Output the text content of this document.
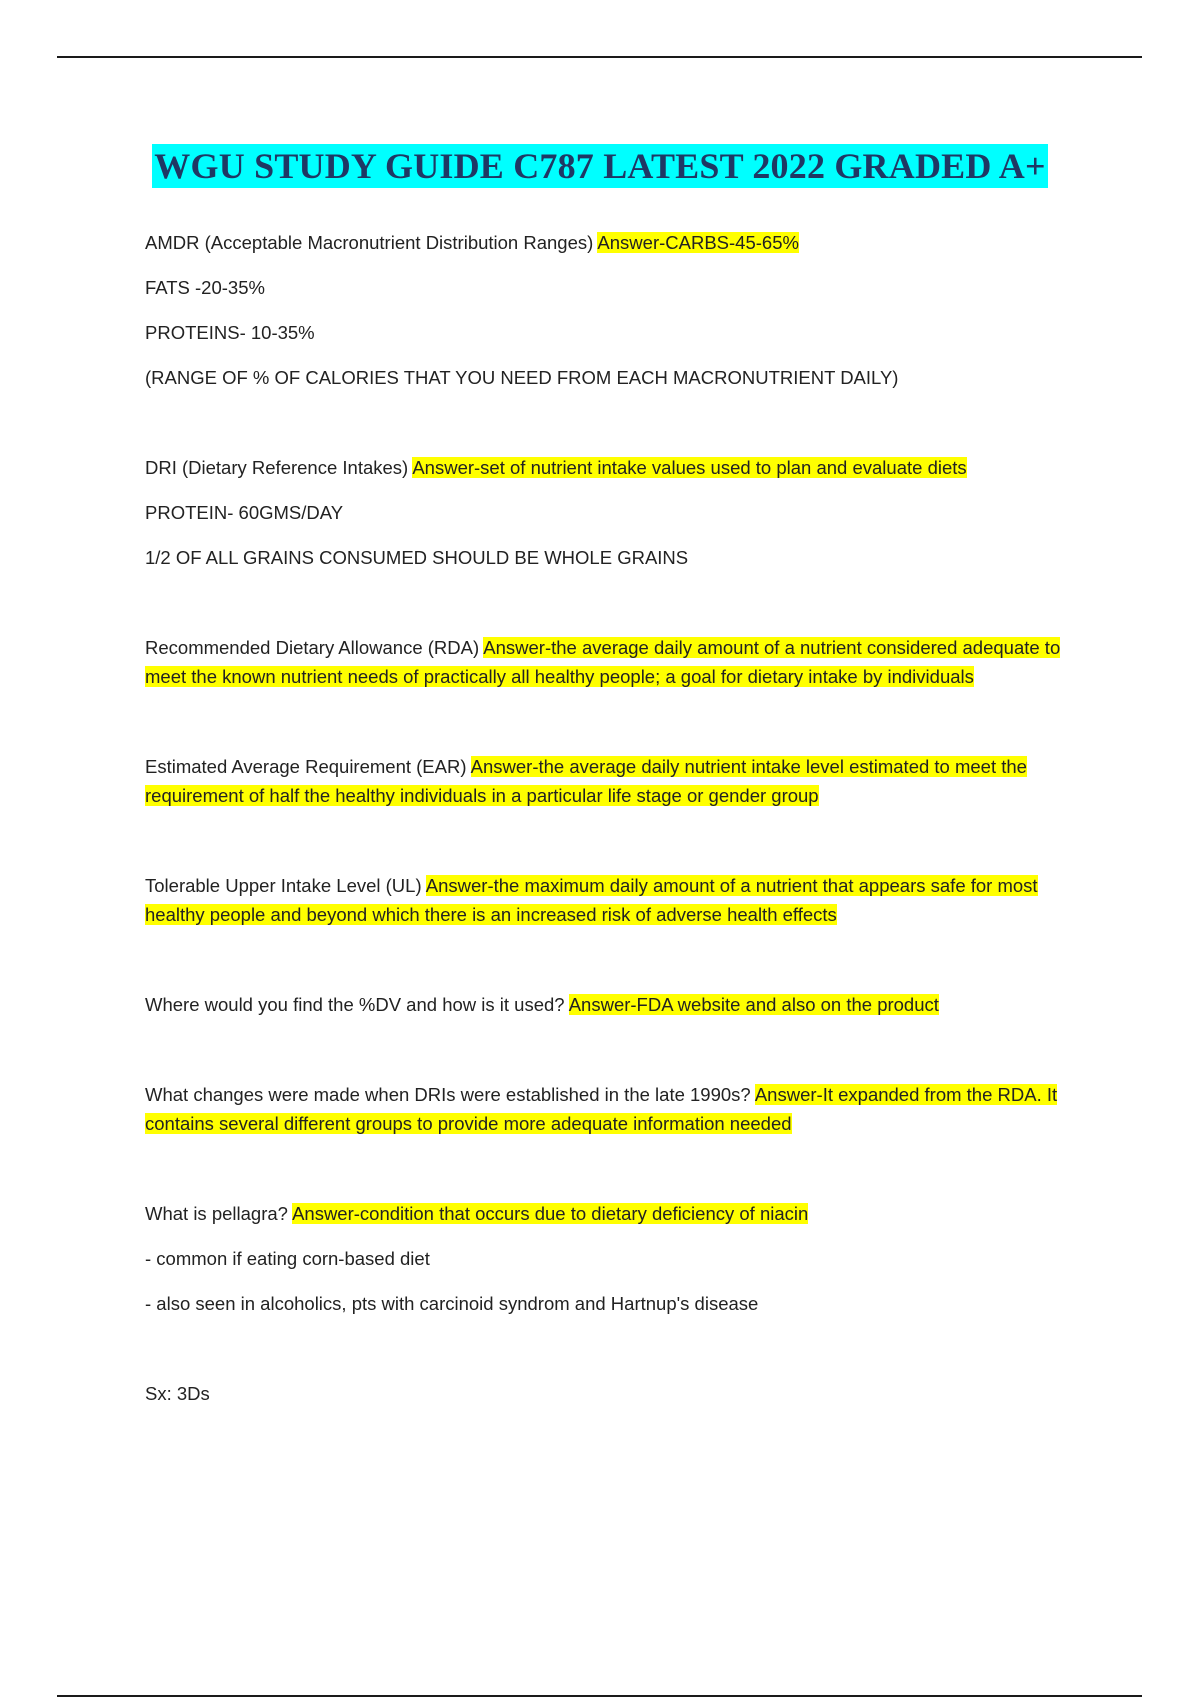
WGU STUDY GUIDE C787 LATEST 2022 GRADED A+

AMDR (Acceptable Macronutrient Distribution Ranges) Answer-CARBS-45-65%

FATS -20-35%

PROTEINS- 10-35%

(RANGE OF % OF CALORIES THAT YOU NEED FROM EACH MACRONUTRIENT DAILY)

DRI (Dietary Reference Intakes) Answer-set of nutrient intake values used to plan and evaluate diets

PROTEIN- 60GMS/DAY

1/2 OF ALL GRAINS CONSUMED SHOULD BE WHOLE GRAINS

Recommended Dietary Allowance (RDA) Answer-the average daily amount of a nutrient considered adequate to meet the known nutrient needs of practically all healthy people; a goal for dietary intake by individuals

Estimated Average Requirement (EAR) Answer-the average daily nutrient intake level estimated to meet the requirement of half the healthy individuals in a particular life stage or gender group

Tolerable Upper Intake Level (UL) Answer-the maximum daily amount of a nutrient that appears safe for most healthy people and beyond which there is an increased risk of adverse health effects

Where would you find the %DV and how is it used? Answer-FDA website and also on the product

What changes were made when DRIs were established in the late 1990s? Answer-It expanded from the RDA. It contains several different groups to provide more adequate information needed

What is pellagra? Answer-condition that occurs due to dietary deficiency of niacin

- common if eating corn-based diet

- also seen in alcoholics, pts with carcinoid syndrom and Hartnup's disease

Sx: 3Ds
